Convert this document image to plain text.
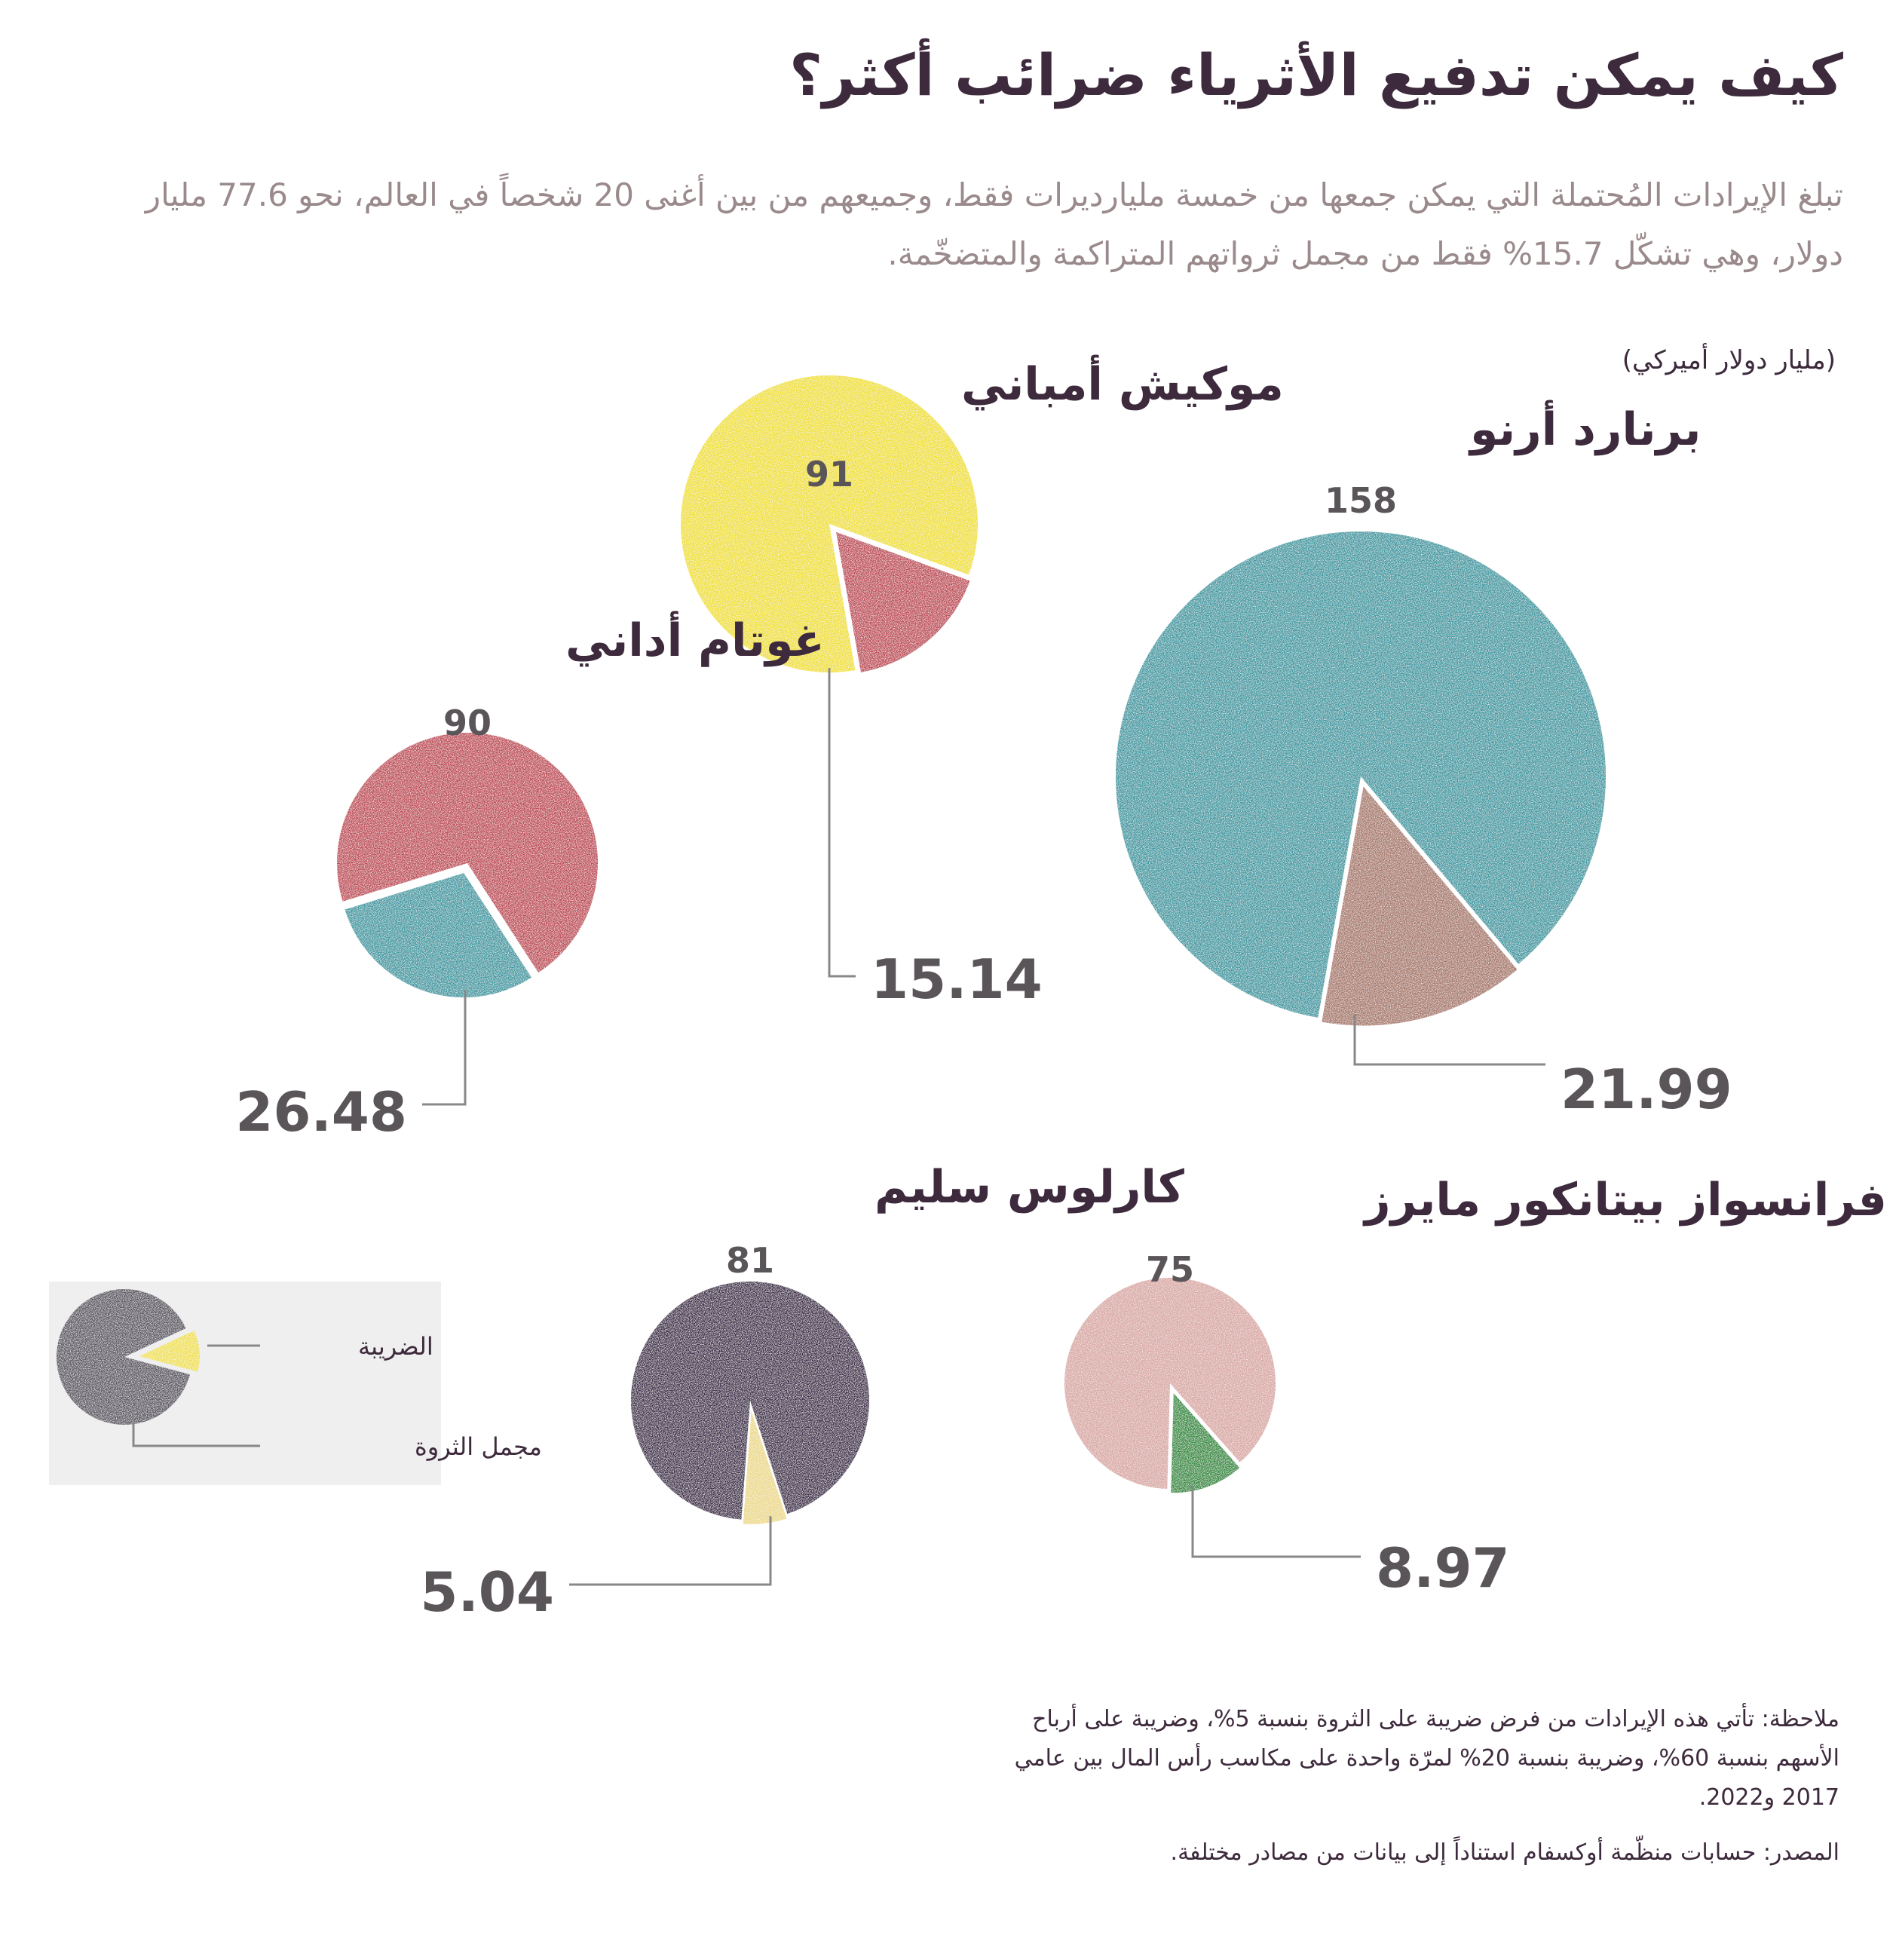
كيف يمكن تدفيع الأثرياء ضرائب أكثر؟

تبلغ الإيرادات المُحتملة التي يمكن جمعها من خمسة مليارديرات فقط، وجميعهم من بين أغنى 20 شخصاً في العالم، نحو 77.6 مليار دولار، وهي تشكّل 15.7% فقط من مجمل ثرواتهم المتراكمة والمتضخّمة.

(مليار دولار أميركي)
برنارد أرنو
158
21.99
موكيش أمباني
91
15.14
غوتام أداني
90
26.48
فرانسواز بيتانكور مايرز
75
8.97
كارلوس سليم
81
5.04
الضريبة
مجمل الثروة

ملاحظة: تأتي هذه الإيرادات من فرض ضريبة على الثروة بنسبة 5%، وضريبة على أرباح الأسهم بنسبة 60%، وضريبة بنسبة 20% لمرّة واحدة على مكاسب رأس المال بين عامي 2017 و2022.

المصدر: حسابات منظّمة أوكسفام استناداً إلى بيانات من مصادر مختلفة.
